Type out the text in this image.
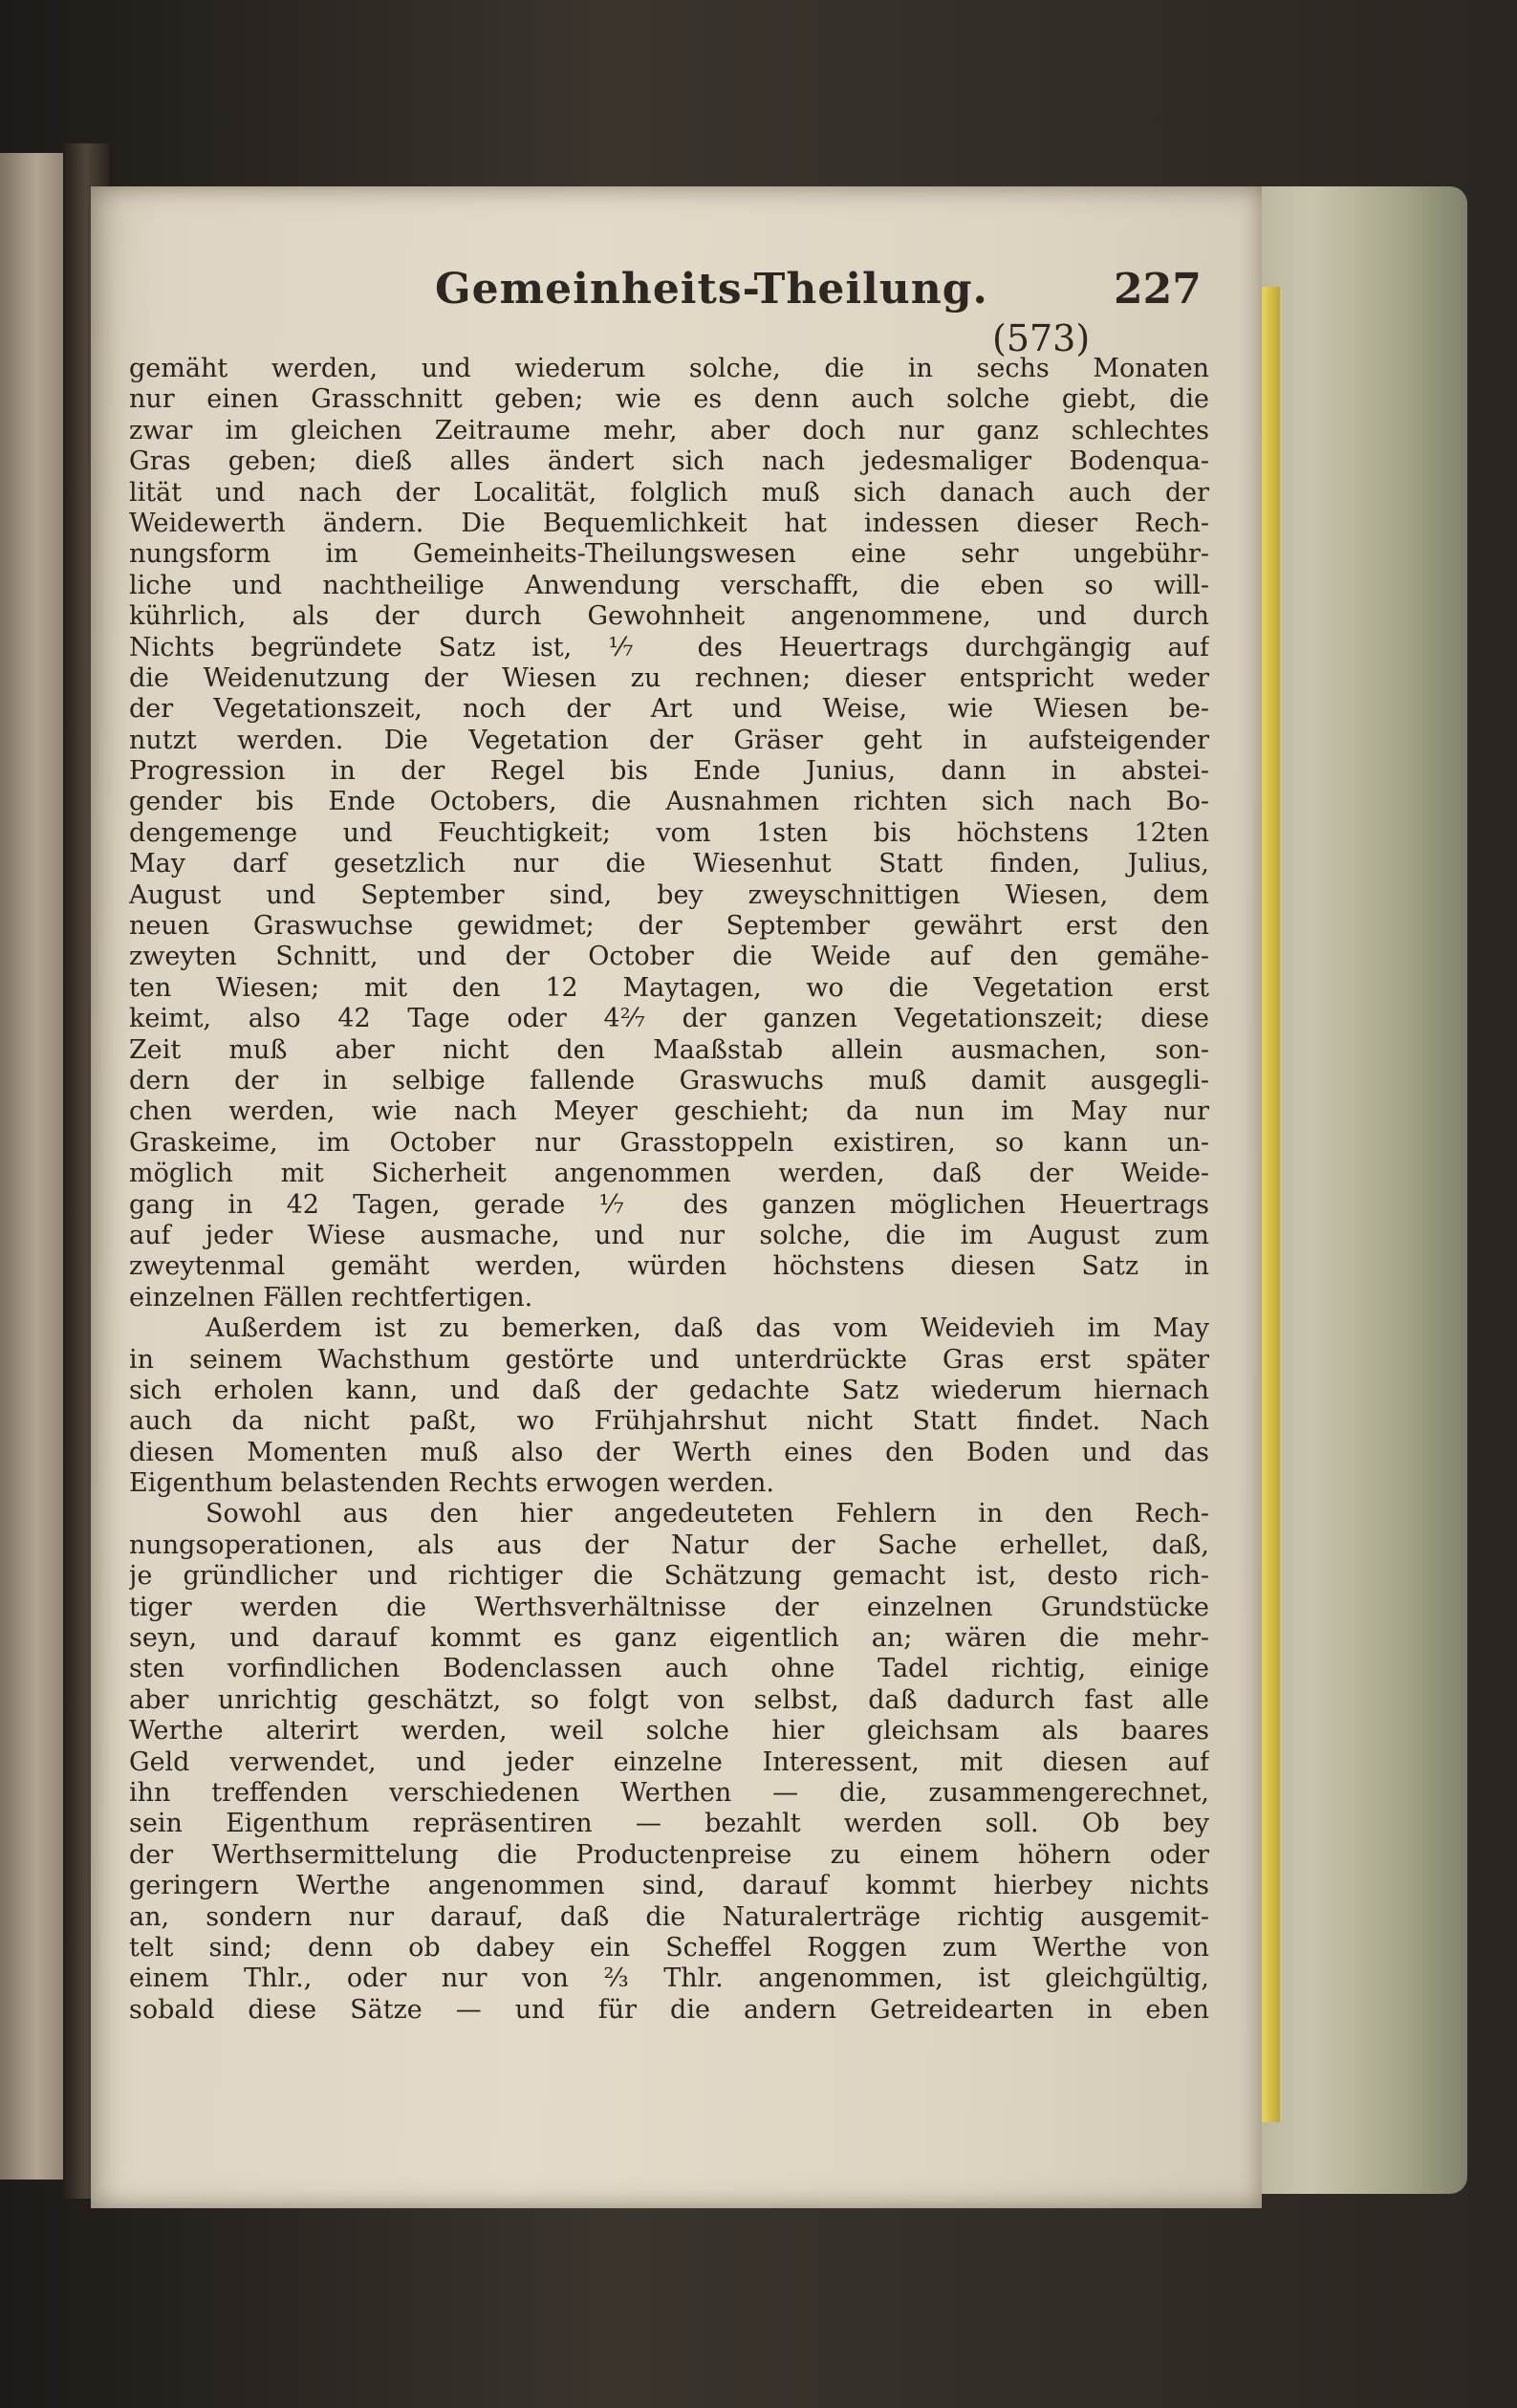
Gemeinheits-Theilung.	227
(573)
gemäht werden, und wiederum solche, die in sechs Monaten
nur einen Grasschnitt geben; wie es denn auch solche giebt, die
zwar im gleichen Zeitraume mehr, aber doch nur ganz schlechtes
Gras geben; dieß alles ändert sich nach jedesmaliger Bodenqua-
lität und nach der Localität, folglich muß sich danach auch der
Weidewerth ändern. Die Bequemlichkeit hat indessen dieser Rech-
nungsform im Gemeinheits-Theilungswesen eine sehr ungebühr-
liche und nachtheilige Anwendung verschafft, die eben so will-
kührlich, als der durch Gewohnheit angenommene, und durch
Nichts begründete Satz ist, ⅐ des Heuertrags durchgängig auf
die Weidenutzung der Wiesen zu rechnen; dieser entspricht weder
der Vegetationszeit, noch der Art und Weise, wie Wiesen be-
nutzt werden. Die Vegetation der Gräser geht in aufsteigender
Progression in der Regel bis Ende Junius, dann in abstei-
gender bis Ende Octobers, die Ausnahmen richten sich nach Bo-
dengemenge und Feuchtigkeit; vom 1sten bis höchstens 12ten
May darf gesetzlich nur die Wiesenhut Statt finden, Julius,
August und September sind, bey zweyschnittigen Wiesen, dem
neuen Graswuchse gewidmet; der September gewährt erst den
zweyten Schnitt, und der October die Weide auf den gemähe-
ten Wiesen; mit den 12 Maytagen, wo die Vegetation erst
keimt, also 42 Tage oder 4²⁄₇ der ganzen Vegetationszeit; diese
Zeit muß aber nicht den Maaßstab allein ausmachen, son-
dern der in selbige fallende Graswuchs muß damit ausgegli-
chen werden, wie nach Meyer geschieht; da nun im May nur
Graskeime, im October nur Grasstoppeln existiren, so kann un-
möglich mit Sicherheit angenommen werden, daß der Weide-
gang in 42 Tagen, gerade ⅐ des ganzen möglichen Heuertrags
auf jeder Wiese ausmache, und nur solche, die im August zum
zweytenmal gemäht werden, würden höchstens diesen Satz in
einzelnen Fällen rechtfertigen.
Außerdem ist zu bemerken, daß das vom Weidevieh im May
in seinem Wachsthum gestörte und unterdrückte Gras erst später
sich erholen kann, und daß der gedachte Satz wiederum hiernach
auch da nicht paßt, wo Frühjahrshut nicht Statt findet. Nach
diesen Momenten muß also der Werth eines den Boden und das
Eigenthum belastenden Rechts erwogen werden.
Sowohl aus den hier angedeuteten Fehlern in den Rech-
nungsoperationen, als aus der Natur der Sache erhellet, daß,
je gründlicher und richtiger die Schätzung gemacht ist, desto rich-
tiger werden die Werthsverhältnisse der einzelnen Grundstücke
seyn, und darauf kommt es ganz eigentlich an; wären die mehr-
sten vorfindlichen Bodenclassen auch ohne Tadel richtig, einige
aber unrichtig geschätzt, so folgt von selbst, daß dadurch fast alle
Werthe alterirt werden, weil solche hier gleichsam als baares
Geld verwendet, und jeder einzelne Interessent, mit diesen auf
ihn treffenden verschiedenen Werthen — die, zusammengerechnet,
sein Eigenthum repräsentiren — bezahlt werden soll. Ob bey
der Werthsermittelung die Productenpreise zu einem höhern oder
geringern Werthe angenommen sind, darauf kommt hierbey nichts
an, sondern nur darauf, daß die Naturalerträge richtig ausgemit-
telt sind; denn ob dabey ein Scheffel Roggen zum Werthe von
einem Thlr., oder nur von ⅔ Thlr. angenommen, ist gleichgültig,
sobald diese Sätze — und für die andern Getreidearten in eben
